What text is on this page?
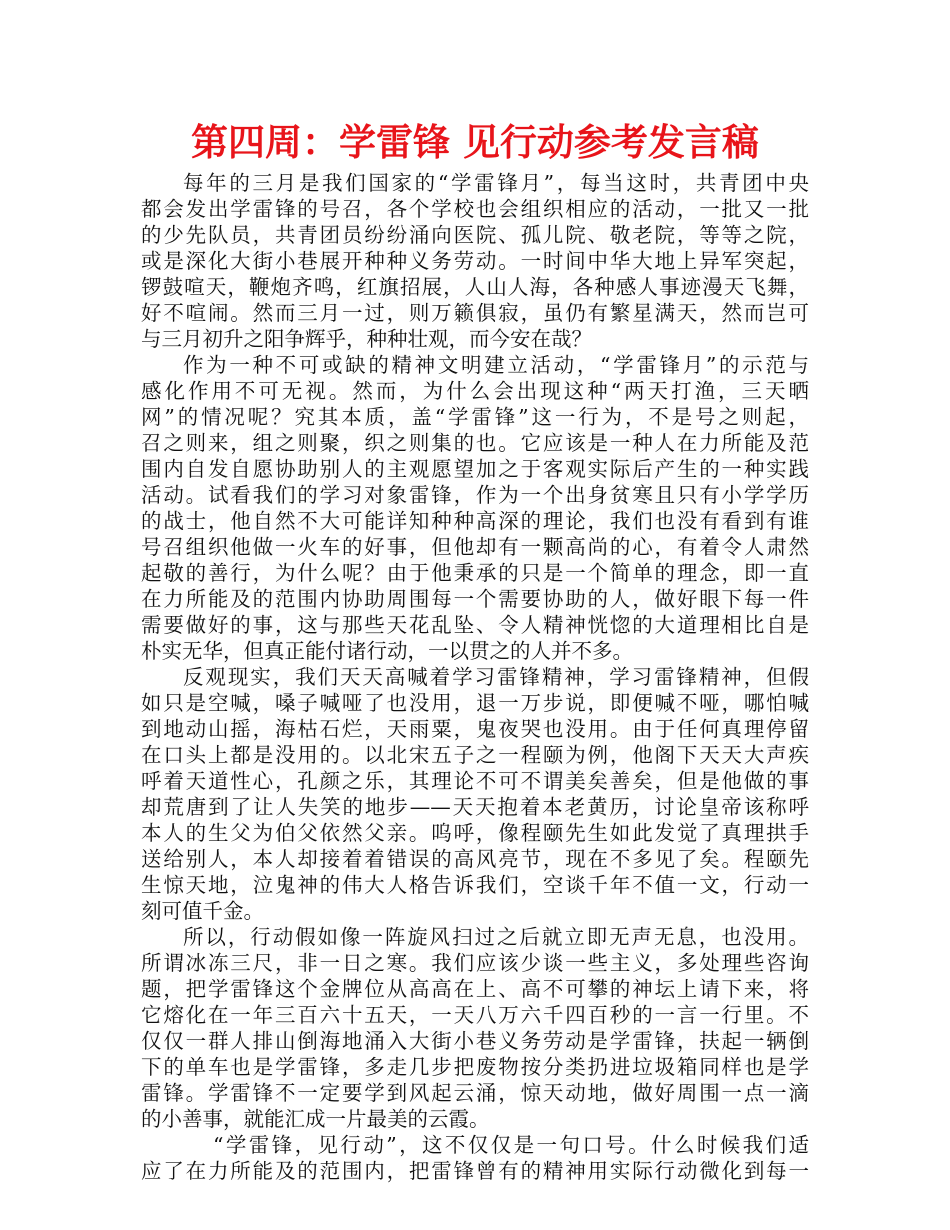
第四周：学雷锋 见行动参考发言稿
每年的三月是我们国家的“学雷锋月”，每当这时，共青团中央
都会发出学雷锋的号召，各个学校也会组织相应的活动，一批又一批
的少先队员，共青团员纷纷涌向医院、孤儿院、敬老院，等等之院，
或是深化大街小巷展开种种义务劳动。一时间中华大地上异军突起，
锣鼓喧天，鞭炮齐鸣，红旗招展，人山人海，各种感人事迹漫天飞舞，
好不喧闹。然而三月一过，则万籁俱寂，虽仍有繁星满天，然而岂可
与三月初升之阳争辉乎，种种壮观，而今安在哉？
作为一种不可或缺的精神文明建立活动，“学雷锋月”的示范与
感化作用不可无视。然而，为什么会出现这种“两天打渔，三天晒
网”的情况呢？究其本质，盖“学雷锋”这一行为，不是号之则起，
召之则来，组之则聚，织之则集的也。它应该是一种人在力所能及范
围内自发自愿协助别人的主观愿望加之于客观实际后产生的一种实践
活动。试看我们的学习对象雷锋，作为一个出身贫寒且只有小学学历
的战士，他自然不大可能详知种种高深的理论，我们也没有看到有谁
号召组织他做一火车的好事，但他却有一颗高尚的心，有着令人肃然
起敬的善行，为什么呢？由于他秉承的只是一个简单的理念，即一直
在力所能及的范围内协助周围每一个需要协助的人，做好眼下每一件
需要做好的事，这与那些天花乱坠、令人精神恍惚的大道理相比自是
朴实无华，但真正能付诸行动，一以贯之的人并不多。
反观现实，我们天天高喊着学习雷锋精神，学习雷锋精神，但假
如只是空喊，嗓子喊哑了也没用，退一万步说，即便喊不哑，哪怕喊
到地动山摇，海枯石烂，天雨粟，鬼夜哭也没用。由于任何真理停留
在口头上都是没用的。以北宋五子之一程颐为例，他阁下天天大声疾
呼着天道性心，孔颜之乐，其理论不可不谓美矣善矣，但是他做的事
却荒唐到了让人失笑的地步——天天抱着本老黄历，讨论皇帝该称呼
本人的生父为伯父依然父亲。呜呼，像程颐先生如此发觉了真理拱手
送给别人，本人却接着着错误的高风亮节，现在不多见了矣。程颐先
生惊天地，泣鬼神的伟大人格告诉我们，空谈千年不值一文，行动一
刻可值千金。
所以，行动假如像一阵旋风扫过之后就立即无声无息，也没用。
所谓冰冻三尺，非一日之寒。我们应该少谈一些主义，多处理些咨询
题，把学雷锋这个金牌位从高高在上、高不可攀的神坛上请下来，将
它熔化在一年三百六十五天，一天八万六千四百秒的一言一行里。不
仅仅一群人排山倒海地涌入大街小巷义务劳动是学雷锋，扶起一辆倒
下的单车也是学雷锋，多走几步把废物按分类扔进垃圾箱同样也是学
雷锋。学雷锋不一定要学到风起云涌，惊天动地，做好周围一点一滴
的小善事，就能汇成一片最美的云霞。
“学雷锋，见行动”，这不仅仅是一句口号。什么时候我们适
应了在力所能及的范围内，把雷锋曾有的精神用实际行动微化到每一
